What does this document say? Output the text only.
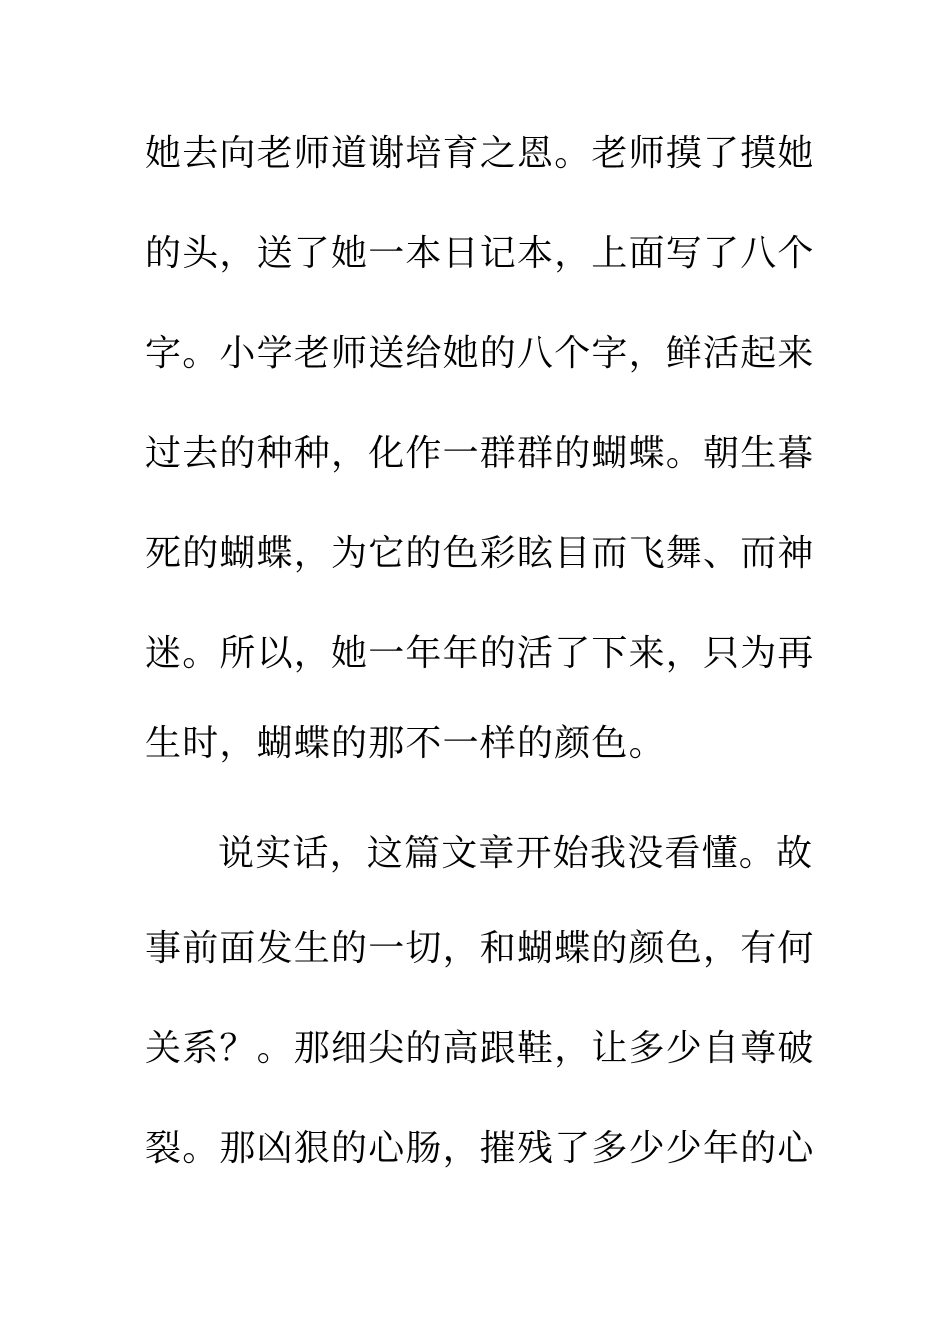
她去向老师道谢培育之恩。老师摸了摸她
的头，送了她一本日记本，上面写了八个
字。小学老师送给她的八个字，鲜活起来
过去的种种，化作一群群的蝴蝶。朝生暮
死的蝴蝶，为它的色彩眩目而飞舞、而神
迷。所以，她一年年的活了下来，只为再
生时，蝴蝶的那不一样的颜色。
说实话，这篇文章开始我没看懂。故
事前面发生的一切，和蝴蝶的颜色，有何
关系？。那细尖的高跟鞋，让多少自尊破
裂。那凶狠的心肠，摧残了多少少年的心
